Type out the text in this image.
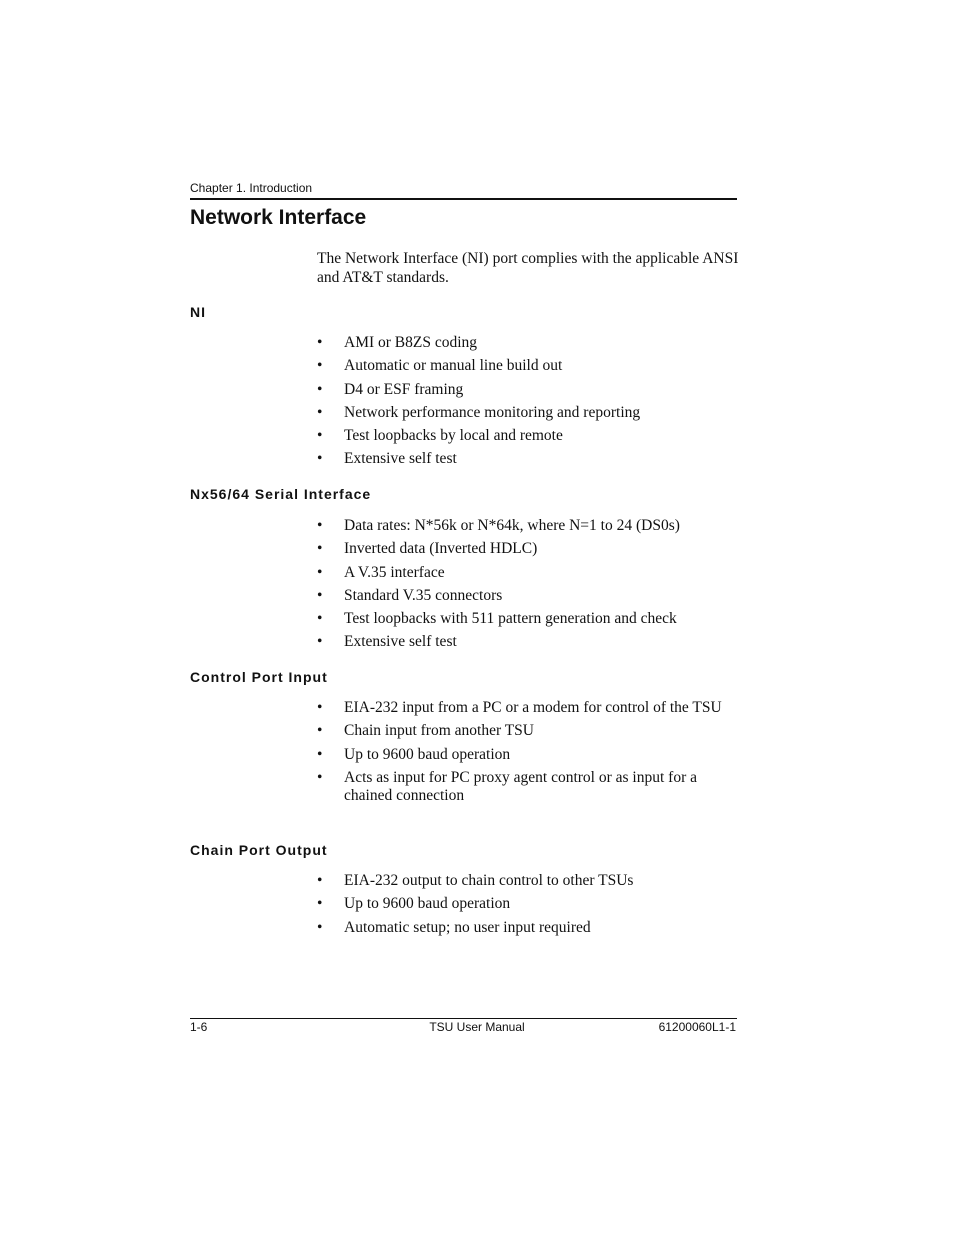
Chapter 1. Introduction
Network Interface

The Network Interface (NI) port complies with the applicable ANSI and AT&T standards.

NI
• AMI or B8ZS coding
• Automatic or manual line build out
• D4 or ESF framing
• Network performance monitoring and reporting
• Test loopbacks by local and remote
• Extensive self test
Nx56/64 Serial Interface
• Data rates: N*56k or N*64k, where N=1 to 24 (DS0s)
• Inverted data (Inverted HDLC)
• A V.35 interface
• Standard V.35 connectors
• Test loopbacks with 511 pattern generation and check
• Extensive self test
Control Port Input
• EIA-232 input from a PC or a modem for control of the TSU
• Chain input from another TSU
• Up to 9600 baud operation
• Acts as input for PC proxy agent control or as input for a chained connection
Chain Port Output
• EIA-232 output to chain control to other TSUs
• Up to 9600 baud operation
• Automatic setup; no user input required
1-6	TSU User Manual	61200060L1-1
